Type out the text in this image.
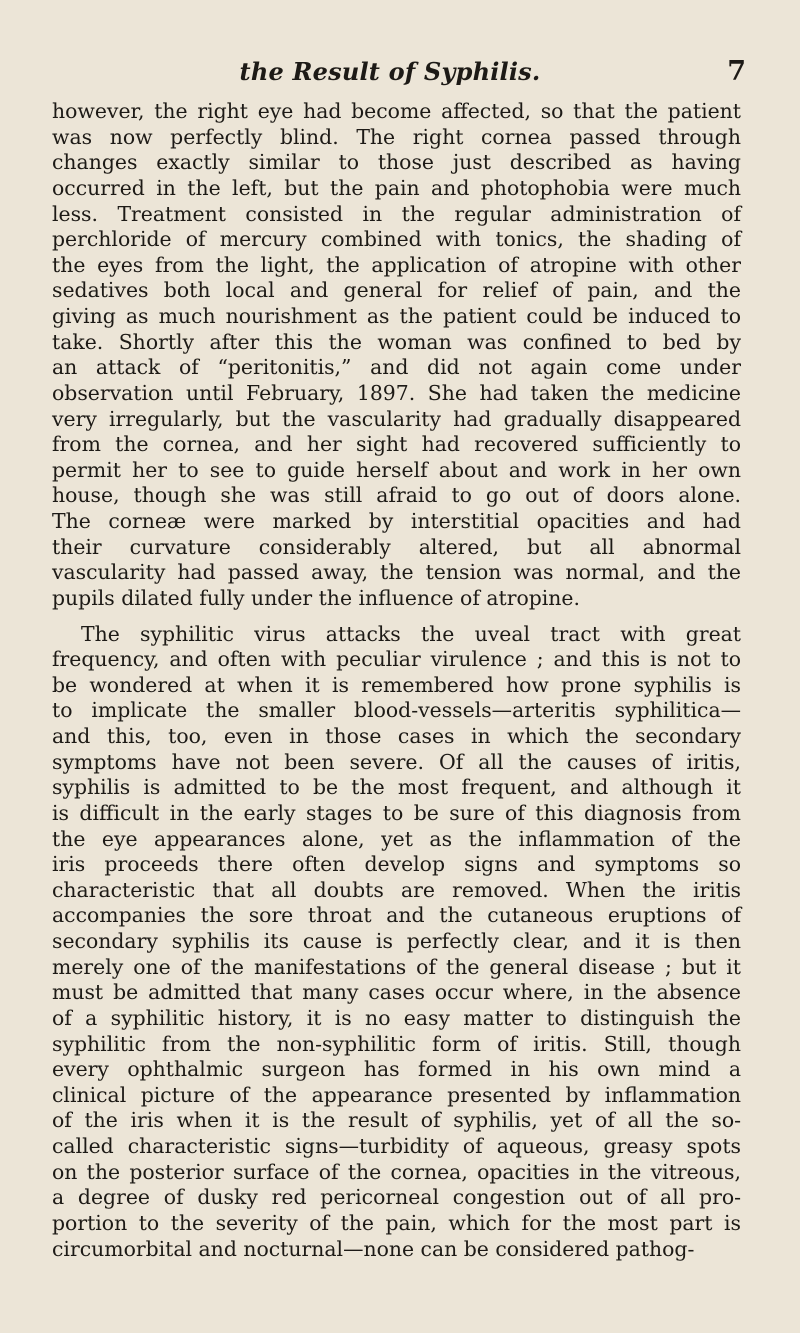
the Result of Syphilis.	7
however, the right eye had become affected, so that the patient
was now perfectly blind. The right cornea passed through
changes exactly similar to those just described as having
occurred in the left, but the pain and photophobia were much
less. Treatment consisted in the regular administration of
perchloride of mercury combined with tonics, the shading of
the eyes from the light, the application of atropine with other
sedatives both local and general for relief of pain, and the
giving as much nourishment as the patient could be induced to
take. Shortly after this the woman was confined to bed by
an attack of “peritonitis,” and did not again come under
observation until February, 1897. She had taken the medicine
very irregularly, but the vascularity had gradually disappeared
from the cornea, and her sight had recovered sufficiently to
permit her to see to guide herself about and work in her own
house, though she was still afraid to go out of doors alone.
The corneæ were marked by interstitial opacities and had
their curvature considerably altered, but all abnormal
vascularity had passed away, the tension was normal, and the
pupils dilated fully under the influence of atropine.
The syphilitic virus attacks the uveal tract with great
frequency, and often with peculiar virulence ; and this is not to
be wondered at when it is remembered how prone syphilis is
to implicate the smaller blood-vessels—arteritis syphilitica—
and this, too, even in those cases in which the secondary
symptoms have not been severe. Of all the causes of iritis,
syphilis is admitted to be the most frequent, and although it
is difficult in the early stages to be sure of this diagnosis from
the eye appearances alone, yet as the inflammation of the
iris proceeds there often develop signs and symptoms so
characteristic that all doubts are removed. When the iritis
accompanies the sore throat and the cutaneous eruptions of
secondary syphilis its cause is perfectly clear, and it is then
merely one of the manifestations of the general disease ; but it
must be admitted that many cases occur where, in the absence
of a syphilitic history, it is no easy matter to distinguish the
syphilitic from the non-syphilitic form of iritis. Still, though
every ophthalmic surgeon has formed in his own mind a
clinical picture of the appearance presented by inflammation
of the iris when it is the result of syphilis, yet of all the so-
called characteristic signs—turbidity of aqueous, greasy spots
on the posterior surface of the cornea, opacities in the vitreous,
a degree of dusky red pericorneal congestion out of all pro-
portion to the severity of the pain, which for the most part is
circumorbital and nocturnal—none can be considered pathog-
